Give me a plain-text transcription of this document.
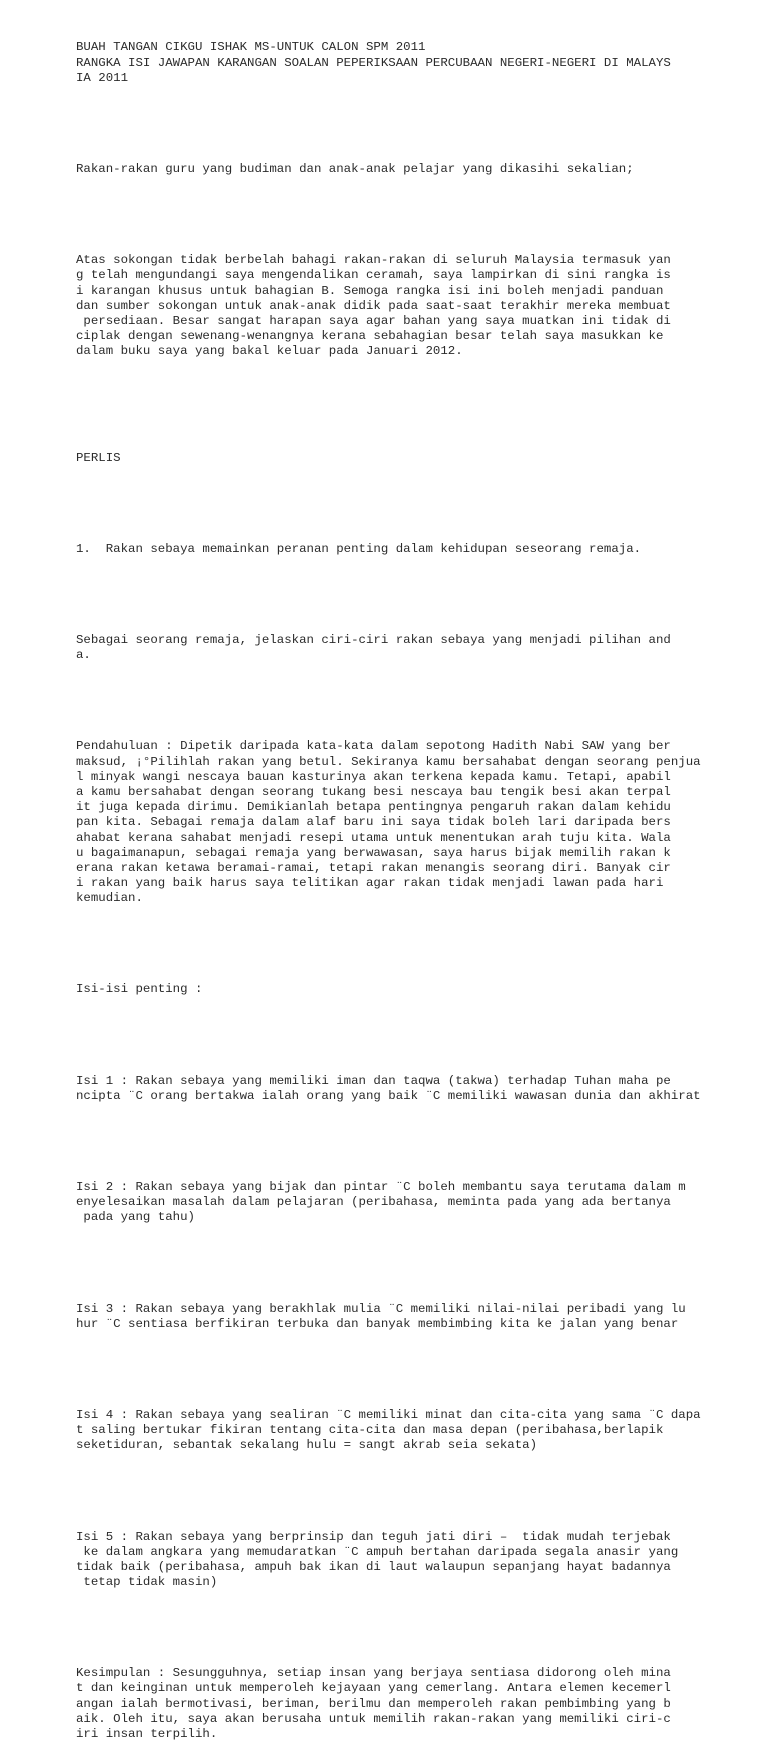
BUAH TANGAN CIKGU ISHAK MS-UNTUK CALON SPM 2011
RANGKA ISI JAWAPAN KARANGAN SOALAN PEPERIKSAAN PERCUBAAN NEGERI-NEGERI DI MALAYS
IA 2011

Rakan-rakan guru yang budiman dan anak-anak pelajar yang dikasihi sekalian;

Atas sokongan tidak berbelah bahagi rakan-rakan di seluruh Malaysia termasuk yan
g telah mengundangi saya mengendalikan ceramah, saya lampirkan di sini rangka is
i karangan khusus untuk bahagian B. Semoga rangka isi ini boleh menjadi panduan
dan sumber sokongan untuk anak-anak didik pada saat-saat terakhir mereka membuat
persediaan. Besar sangat harapan saya agar bahan yang saya muatkan ini tidak di
ciplak dengan sewenang-wenangnya kerana sebahagian besar telah saya masukkan ke
dalam buku saya yang bakal keluar pada Januari 2012.

PERLIS

1.  Rakan sebaya memainkan peranan penting dalam kehidupan seseorang remaja.

Sebagai seorang remaja, jelaskan ciri-ciri rakan sebaya yang menjadi pilihan and
a.

Pendahuluan : Dipetik daripada kata-kata dalam sepotong Hadith Nabi SAW yang ber
maksud, ¡°Pilihlah rakan yang betul. Sekiranya kamu bersahabat dengan seorang penjua
l minyak wangi nescaya bauan kasturinya akan terkena kepada kamu. Tetapi, apabil
a kamu bersahabat dengan seorang tukang besi nescaya bau tengik besi akan terpal
it juga kepada dirimu. Demikianlah betapa pentingnya pengaruh rakan dalam kehidu
pan kita. Sebagai remaja dalam alaf baru ini saya tidak boleh lari daripada bers
ahabat kerana sahabat menjadi resepi utama untuk menentukan arah tuju kita. Wala
u bagaimanapun, sebagai remaja yang berwawasan, saya harus bijak memilih rakan k
erana rakan ketawa beramai-ramai, tetapi rakan menangis seorang diri. Banyak cir
i rakan yang baik harus saya telitikan agar rakan tidak menjadi lawan pada hari
kemudian.

Isi-isi penting :

Isi 1 : Rakan sebaya yang memiliki iman dan taqwa (takwa) terhadap Tuhan maha pe
ncipta ¨C orang bertakwa ialah orang yang baik ¨C memiliki wawasan dunia dan akhirat

Isi 2 : Rakan sebaya yang bijak dan pintar ¨C boleh membantu saya terutama dalam m
enyelesaikan masalah dalam pelajaran (peribahasa, meminta pada yang ada bertanya
pada yang tahu)

Isi 3 : Rakan sebaya yang berakhlak mulia ¨C memiliki nilai-nilai peribadi yang lu
hur ¨C sentiasa berfikiran terbuka dan banyak membimbing kita ke jalan yang benar

Isi 4 : Rakan sebaya yang sealiran ¨C memiliki minat dan cita-cita yang sama ¨C dapa
t saling bertukar fikiran tentang cita-cita dan masa depan (peribahasa,berlapik
seketiduran, sebantak sekalang hulu = sangt akrab seia sekata)

Isi 5 : Rakan sebaya yang berprinsip dan teguh jati diri –  tidak mudah terjebak
ke dalam angkara yang memudaratkan ¨C ampuh bertahan daripada segala anasir yang
tidak baik (peribahasa, ampuh bak ikan di laut walaupun sepanjang hayat badannya
tetap tidak masin)

Kesimpulan : Sesungguhnya, setiap insan yang berjaya sentiasa didorong oleh mina
t dan keinginan untuk memperoleh kejayaan yang cemerlang. Antara elemen kecemerl
angan ialah bermotivasi, beriman, berilmu dan memperoleh rakan pembimbing yang b
aik. Oleh itu, saya akan berusaha untuk memilih rakan-rakan yang memiliki ciri-c
iri insan terpilih.
